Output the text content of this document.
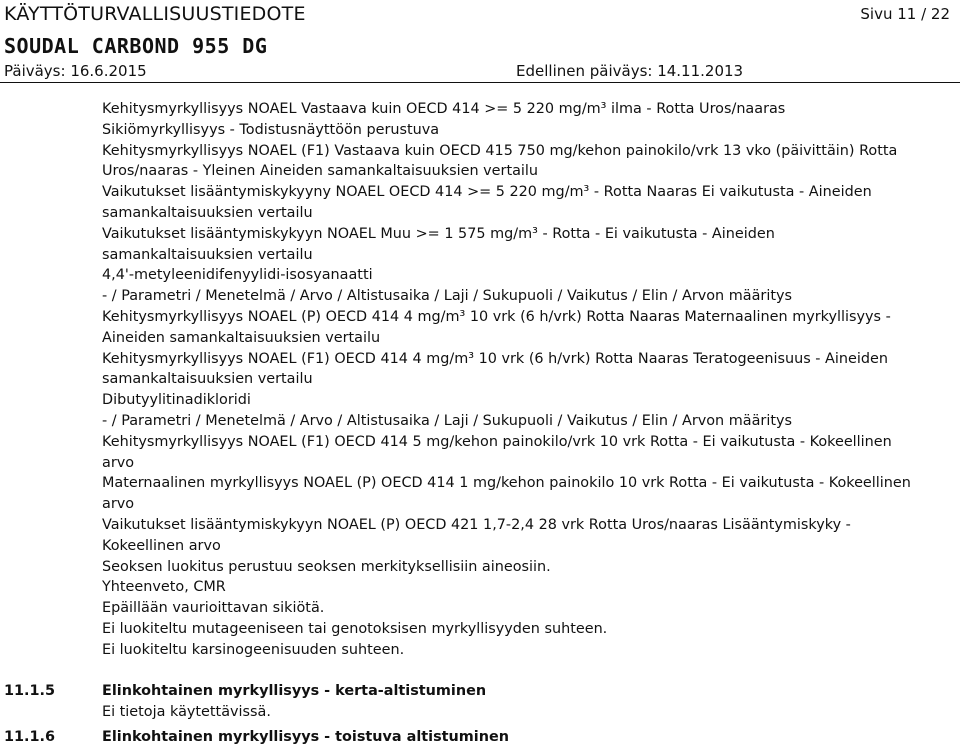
KÄYTTÖTURVALLISUUSTIEDOTE	Sivu 11 / 22
SOUDAL CARBOND 955 DG
Päiväys: 16.6.2015	Edellinen päiväys: 14.11.2013
Kehitysmyrkyllisyys NOAEL Vastaava kuin OECD 414 >= 5 220 mg/m³ ilma - Rotta Uros/naaras
Sikiömyrkyllisyys - Todistusnäyttöön perustuva
Kehitysmyrkyllisyys NOAEL (F1) Vastaava kuin OECD 415 750 mg/kehon painokilo/vrk 13 vko (päivittäin) Rotta
Uros/naaras - Yleinen Aineiden samankaltaisuuksien vertailu
Vaikutukset lisääntymiskykyyny NOAEL OECD 414 >= 5 220 mg/m³ - Rotta Naaras Ei vaikutusta - Aineiden
samankaltaisuuksien vertailu
Vaikutukset lisääntymiskykyyn NOAEL Muu >= 1 575 mg/m³ - Rotta - Ei vaikutusta - Aineiden
samankaltaisuuksien vertailu
4,4'-metyleenidifenyylidi-isosyanaatti
- / Parametri / Menetelmä / Arvo / Altistusaika / Laji / Sukupuoli / Vaikutus / Elin / Arvon määritys
Kehitysmyrkyllisyys NOAEL (P) OECD 414 4 mg/m³ 10 vrk (6 h/vrk) Rotta Naaras Maternaalinen myrkyllisyys -
Aineiden samankaltaisuuksien vertailu
Kehitysmyrkyllisyys NOAEL (F1) OECD 414 4 mg/m³ 10 vrk (6 h/vrk) Rotta Naaras Teratogeenisuus - Aineiden
samankaltaisuuksien vertailu
Dibutyylitinadikloridi
- / Parametri / Menetelmä / Arvo / Altistusaika / Laji / Sukupuoli / Vaikutus / Elin / Arvon määritys
Kehitysmyrkyllisyys NOAEL (F1) OECD 414 5 mg/kehon painokilo/vrk 10 vrk Rotta - Ei vaikutusta - Kokeellinen
arvo
Maternaalinen myrkyllisyys NOAEL (P) OECD 414 1 mg/kehon painokilo 10 vrk Rotta - Ei vaikutusta - Kokeellinen
arvo
Vaikutukset lisääntymiskykyyn NOAEL (P) OECD 421 1,7-2,4 28 vrk Rotta Uros/naaras Lisääntymiskyky -
Kokeellinen arvo
Seoksen luokitus perustuu seoksen merkityksellisiin aineosiin.
Yhteenveto, CMR
Epäillään vaurioittavan sikiötä.
Ei luokiteltu mutageeniseen tai genotoksisen myrkyllisyyden suhteen.
Ei luokiteltu karsinogeenisuuden suhteen.
11.1.5	Elinkohtainen myrkyllisyys - kerta-altistuminen
Ei tietoja käytettävissä.
11.1.6	Elinkohtainen myrkyllisyys - toistuva altistuminen
